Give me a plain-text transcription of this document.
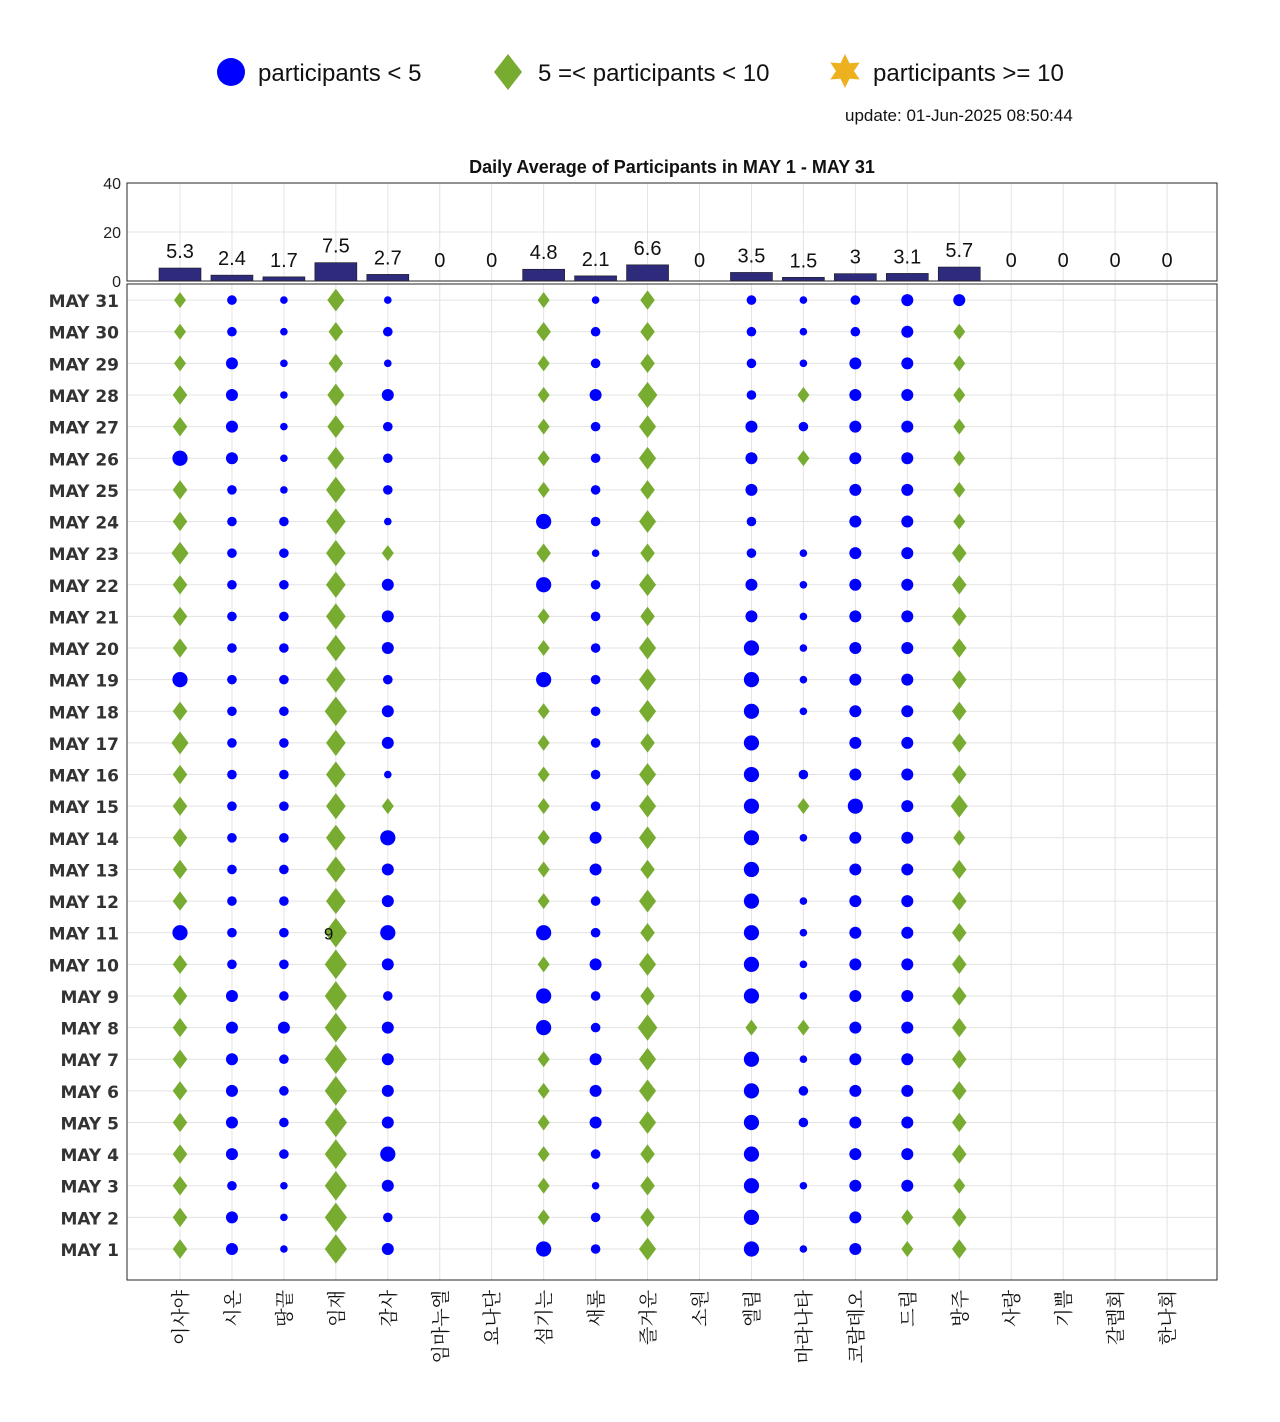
participants < 5	5 =< participants < 10	participants >= 10
update: 01-Jun-2025 08:50:44
Daily Average of Participants in MAY 1 - MAY 31
0
20
40
5.3 2.4 1.7
7.5
2.7 0 0 4.8 2.1
6.6
0 3.5 1.5 3 3.1 5.7 0 0 0 0
MAY 1
MAY 2
MAY 3
MAY 4
MAY 5
MAY 6
MAY 7
MAY 8
MAY 9
MAY 10
MAY 11
MAY 12
MAY 13
MAY 14
MAY 15
MAY 16
MAY 17
MAY 18
MAY 19
MAY 20
MAY 21
MAY 22
MAY 23
MAY 24
MAY 25
MAY 26
MAY 27
MAY 28
MAY 29
MAY 30
MAY 31
이사야 시온 땅끝 임재 감사 임마누엘 요나단 섬기는 새롬 즐거운 소원 엘림 마라나타 코람데오 드림 방주 사랑 기쁨 갈렙회 한나회
9
